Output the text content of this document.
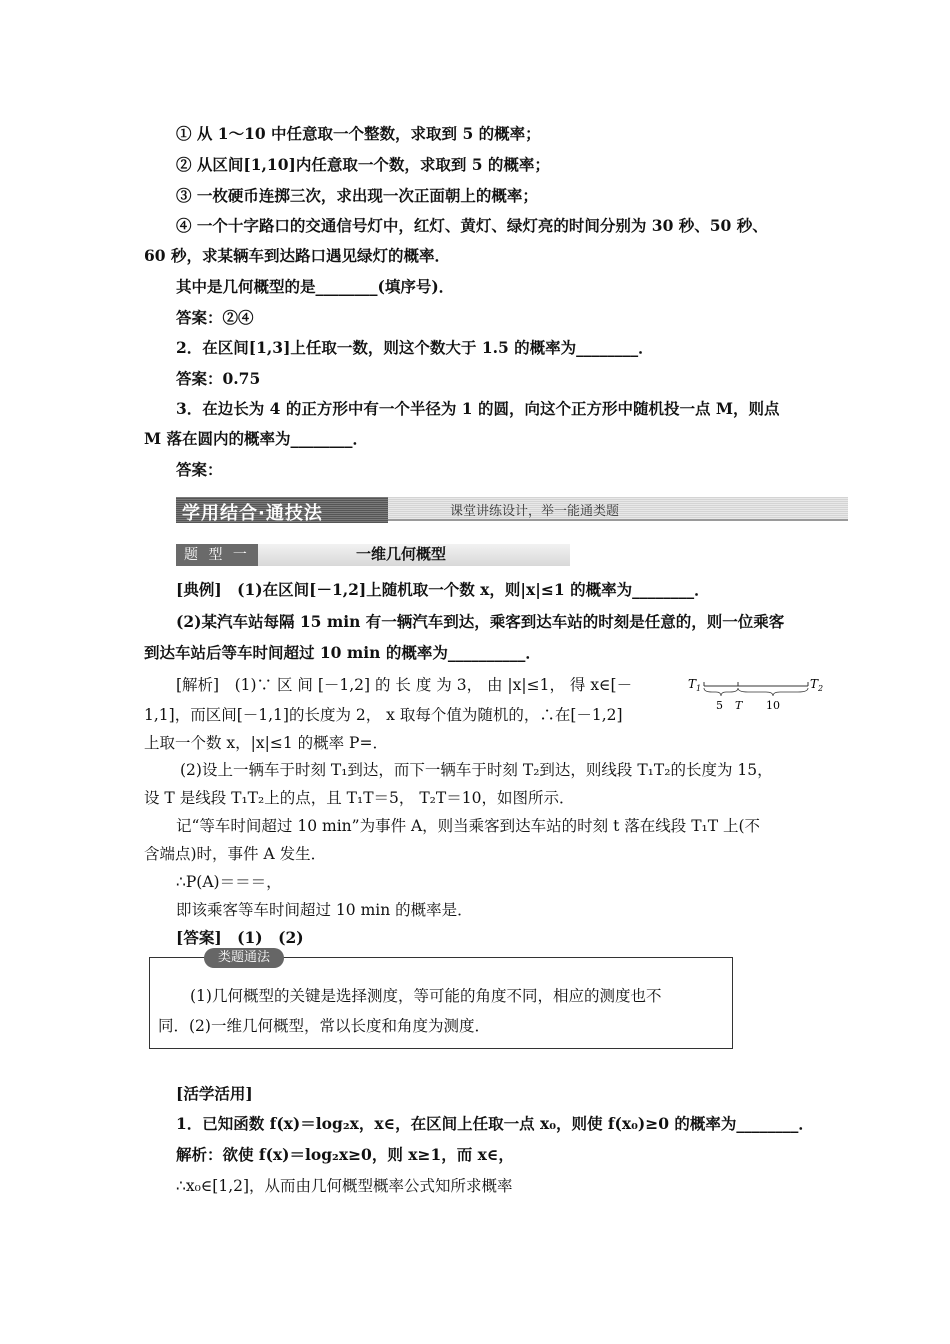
① 从 1～10 中任意取一个整数，求取到 5 的概率；
② 从区间[1,10]内任意取一个数，求取到 5 的概率；
③ 一枚硬币连掷三次，求出现一次正面朝上的概率；
④ 一个十字路口的交通信号灯中，红灯、黄灯、绿灯亮的时间分别为 30 秒、50 秒、
60 秒，求某辆车到达路口遇见绿灯的概率．
其中是几何概型的是________(填序号)．
答案：②④
2．在区间[1,3]上任取一数，则这个数大于 1.5 的概率为________．
答案：0.75
3．在边长为 4 的正方形中有一个半径为 1 的圆，向这个正方形中随机投一点 M，则点
M 落在圆内的概率为________．
答案：
学用结合·通技法	课堂讲练设计，举一能通类题
题 型 一	一维几何概型
[典例]　(1)在区间[－1,2]上随机取一个数 x，则|x|≤1 的概率为________．
(2)某汽车站每隔 15 min 有一辆汽车到达，乘客到达车站的时刻是任意的，则一位乘客
到达车站后等车时间超过 10 min 的概率为__________．
[解析]　(1)∵ 区 间 [－1,2] 的 长 度 为 3， 由 |x|≤1， 得 x∈[－
1,1]，而区间[－1,1]的长度为 2， x 取每个值为随机的，∴在[－1,2]
上取一个数 x，|x|≤1 的概率 P=．
$T_1$	$T_2$
5 T 10
(2)设上一辆车于时刻 T₁到达，而下一辆车于时刻 T₂到达，则线段 T₁T₂的长度为 15，
设 T 是线段 T₁T₂上的点，且 T₁T＝5， T₂T＝10，如图所示．
记“等车时间超过 10 min”为事件 A，则当乘客到达车站的时刻 t 落在线段 T₁T 上(不
含端点)时，事件 A 发生．
∴P(A)＝＝＝，
即该乘客等车时间超过 10 min 的概率是．
[答案]　(1)　(2)
类题通法
(1)几何概型的关键是选择测度，等可能的角度不同，相应的测度也不
同．(2)一维几何概型，常以长度和角度为测度．
[活学活用]
1．已知函数 f(x)＝log₂x，x∈，在区间上任取一点 x₀，则使 f(x₀)≥0 的概率为________．
解析：欲使 f(x)＝log₂x≥0，则 x≥1，而 x∈，
∴x₀∈[1,2]，从而由几何概型概率公式知所求概率
